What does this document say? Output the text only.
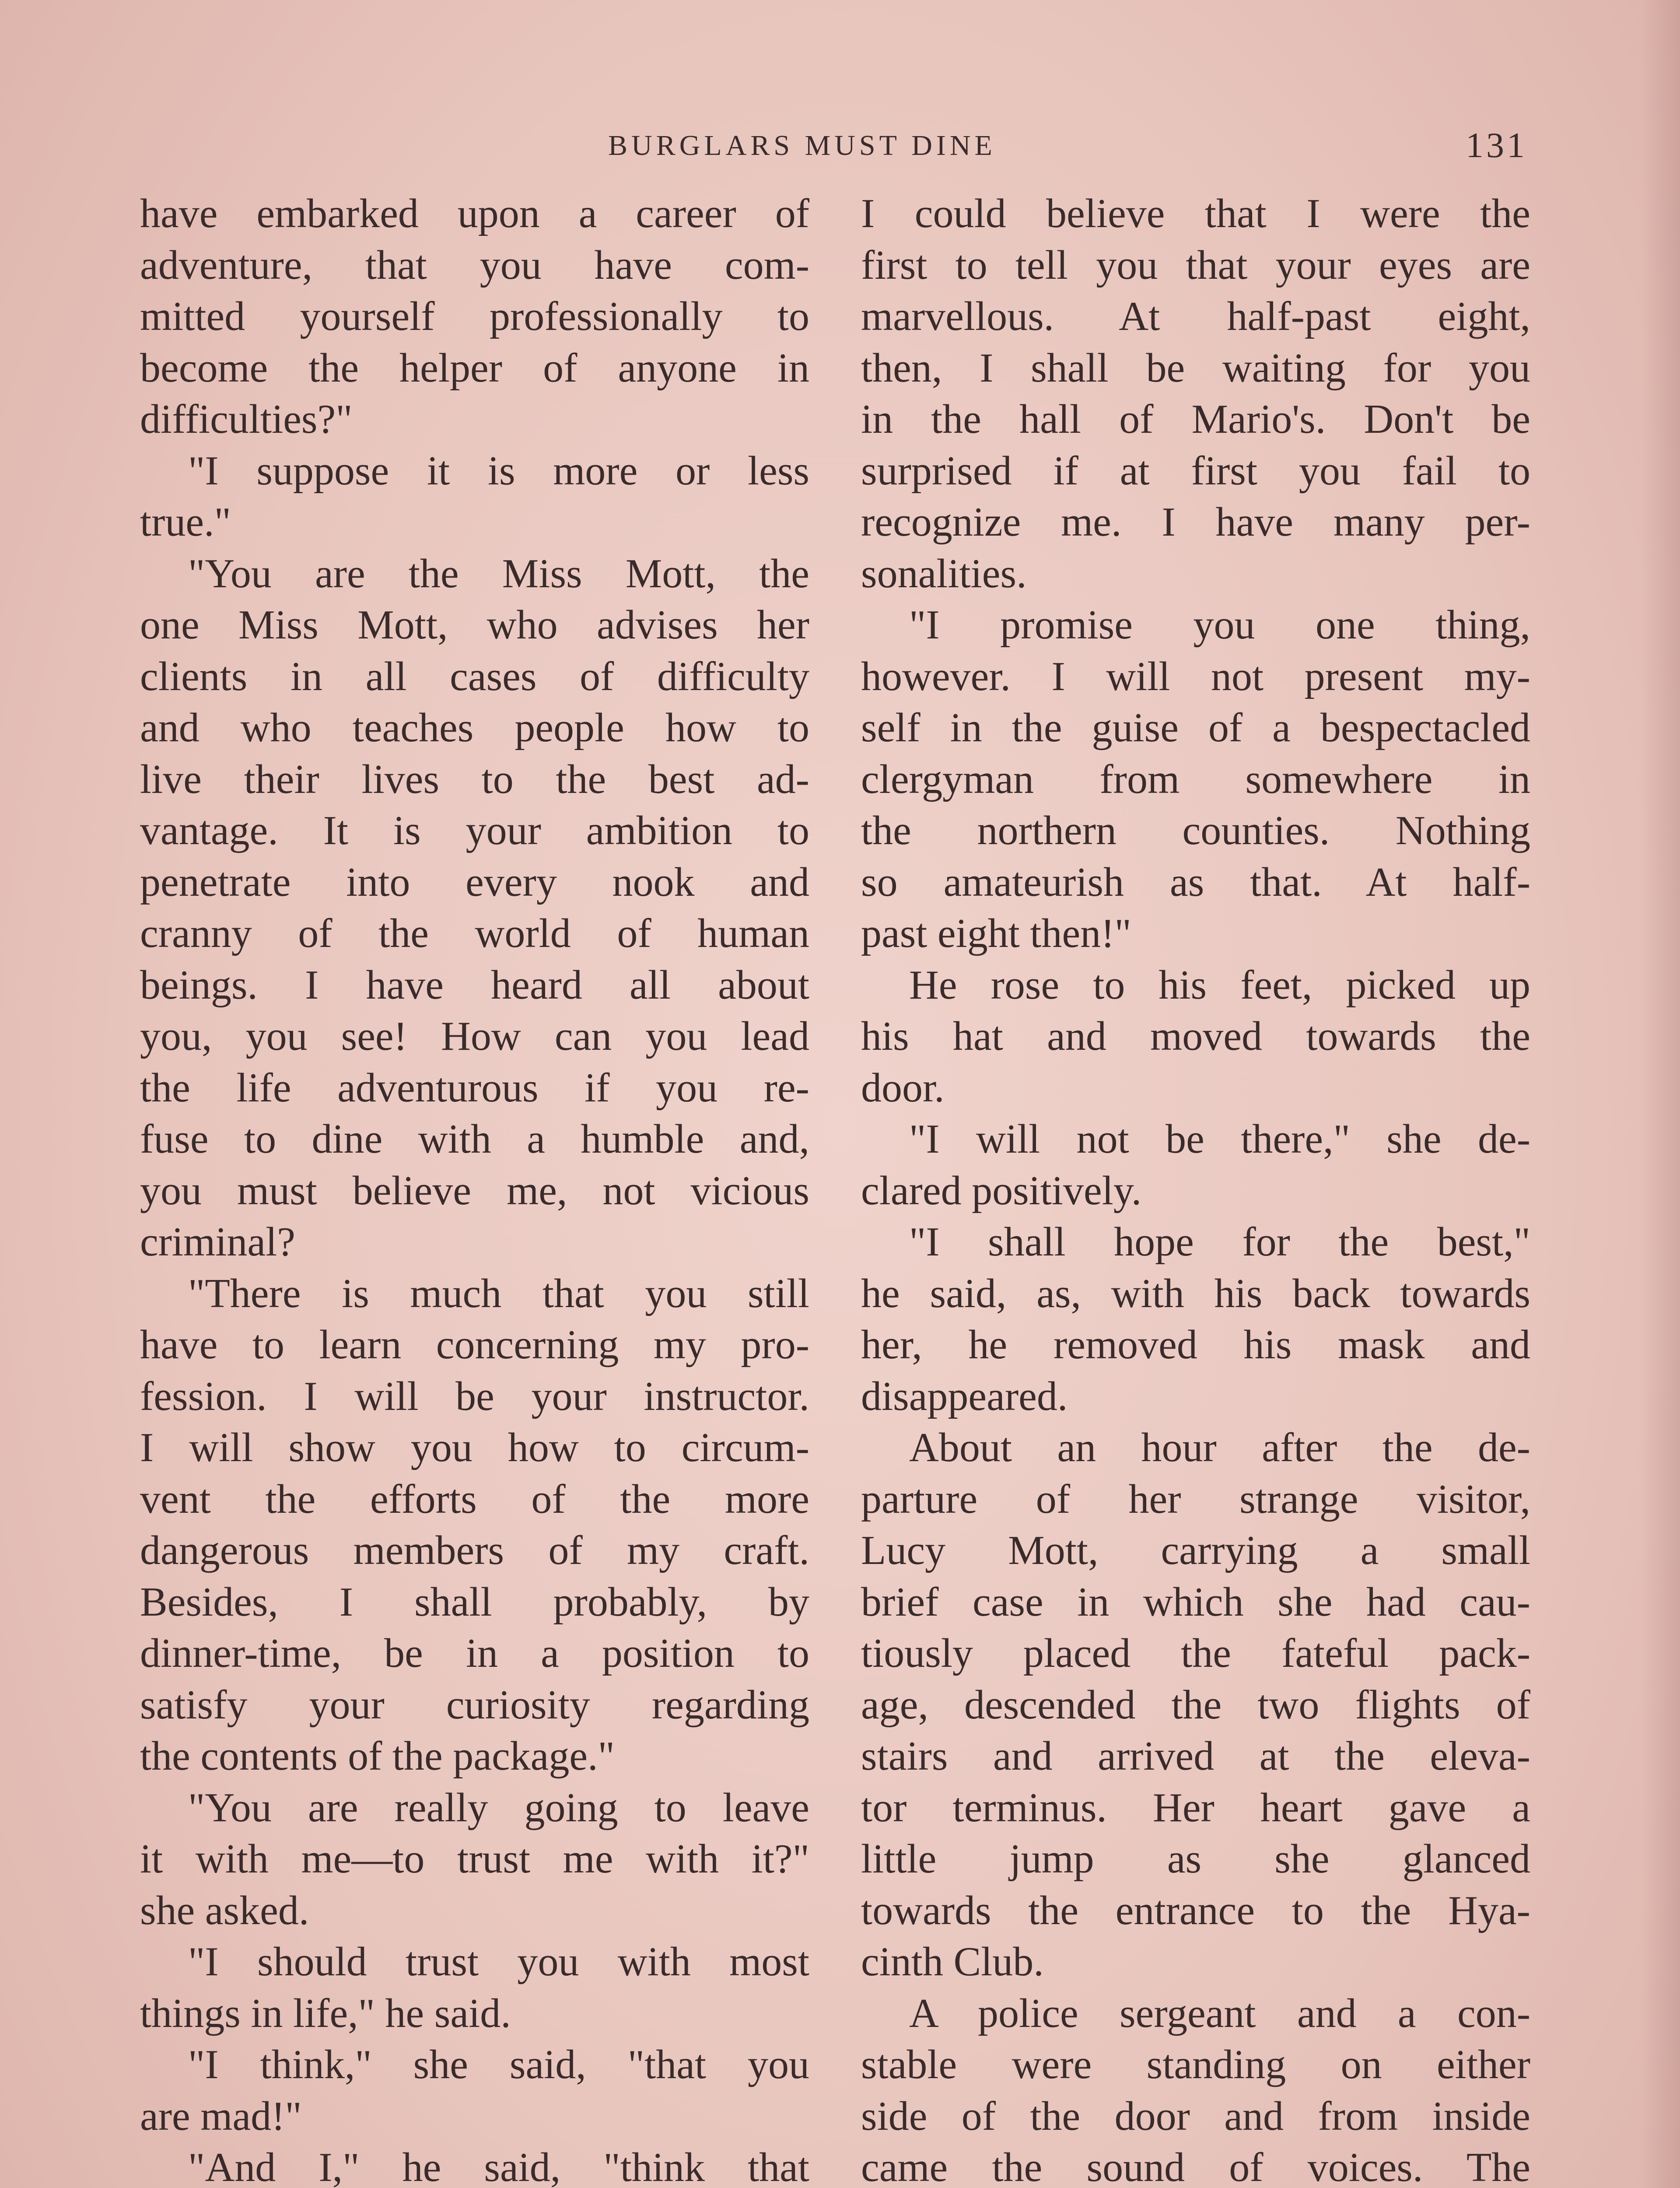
BURGLARS MUST DINE	131

have embarked upon a career of
adventure, that you have com-
mitted yourself professionally to
become the helper of anyone in
difficulties?"
"I suppose it is more or less
true."
"You are the Miss Mott, the
one Miss Mott, who advises her
clients in all cases of difficulty
and who teaches people how to
live their lives to the best ad-
vantage. It is your ambition to
penetrate into every nook and
cranny of the world of human
beings. I have heard all about
you, you see! How can you lead
the life adventurous if you re-
fuse to dine with a humble and,
you must believe me, not vicious
criminal?
"There is much that you still
have to learn concerning my pro-
fession. I will be your instructor.
I will show you how to circum-
vent the efforts of the more
dangerous members of my craft.
Besides, I shall probably, by
dinner-time, be in a position to
satisfy your curiosity regarding
the contents of the package."
"You are really going to leave
it with me—to trust me with it?"
she asked.
"I should trust you with most
things in life," he said.
"I think," she said, "that you
are mad!"
"And I," he said, "think that

I could believe that I were the
first to tell you that your eyes are
marvellous. At half-past eight,
then, I shall be waiting for you
in the hall of Mario's. Don't be
surprised if at first you fail to
recognize me. I have many per-
sonalities.
"I promise you one thing,
however. I will not present my-
self in the guise of a bespectacled
clergyman from somewhere in
the northern counties. Nothing
so amateurish as that. At half-
past eight then!"
He rose to his feet, picked up
his hat and moved towards the
door.
"I will not be there," she de-
clared positively.
"I shall hope for the best,"
he said, as, with his back towards
her, he removed his mask and
disappeared.
About an hour after the de-
parture of her strange visitor,
Lucy Mott, carrying a small
brief case in which she had cau-
tiously placed the fateful pack-
age, descended the two flights of
stairs and arrived at the eleva-
tor terminus. Her heart gave a
little jump as she glanced
towards the entrance to the Hya-
cinth Club.
A police sergeant and a con-
stable were standing on either
side of the door and from inside
came the sound of voices. The
